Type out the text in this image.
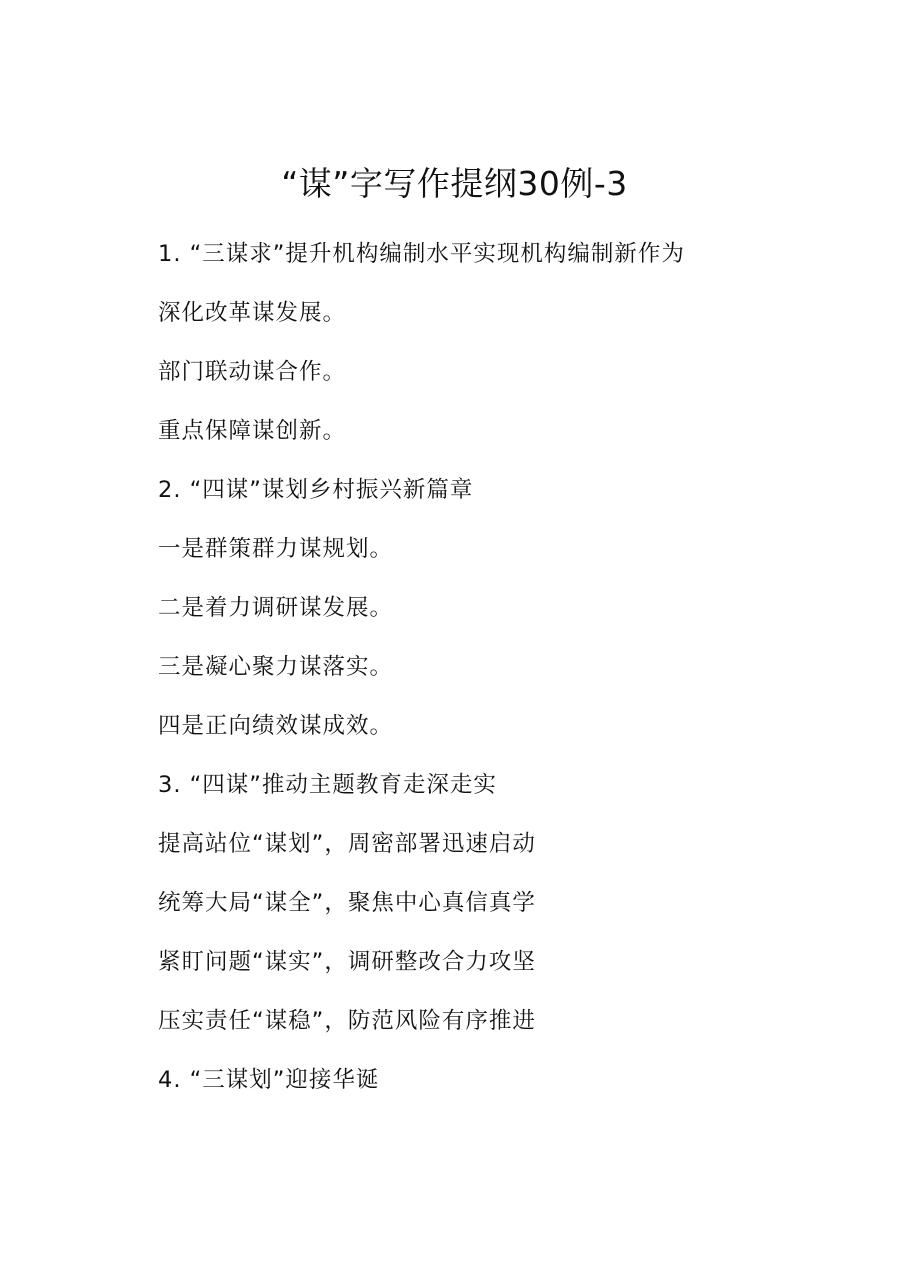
“谋”字写作提纲30例-3
1. “三谋求”提升机构编制水平实现机构编制新作为
深化改革谋发展。
部门联动谋合作。
重点保障谋创新。
2. “四谋”谋划乡村振兴新篇章
一是群策群力谋规划。
二是着力调研谋发展。
三是凝心聚力谋落实。
四是正向绩效谋成效。
3. “四谋”推动主题教育走深走实
提高站位“谋划”，周密部署迅速启动
统筹大局“谋全”，聚焦中心真信真学
紧盯问题“谋实”，调研整改合力攻坚
压实责任“谋稳”，防范风险有序推进
4. “三谋划”迎接华诞
